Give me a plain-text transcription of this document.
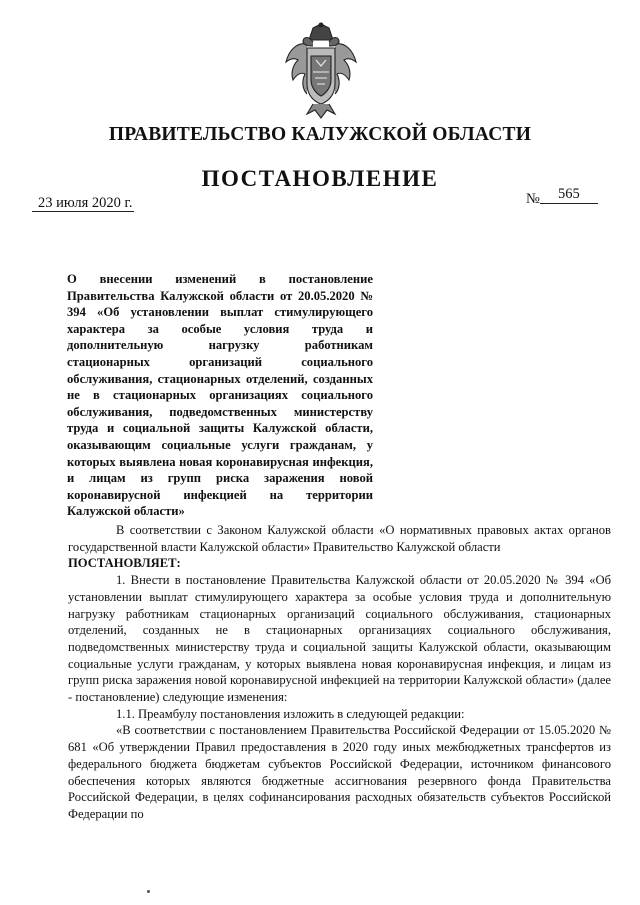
ПРАВИТЕЛЬСТВО КАЛУЖСКОЙ ОБЛАСТИ
ПОСТАНОВЛЕНИЕ
23 июля 2020 г.	№ 565
О внесении изменений в постановление Правительства Калужской области от 20.05.2020 № 394 «Об установлении выплат стимулирующего характера за особые условия труда и дополнительную нагрузку работникам стационарных организаций социального обслуживания, стационарных отделений, созданных не в стационарных организациях социального обслуживания, подведомственных министерству труда и социальной защиты Калужской области, оказывающим социальные услуги гражданам, у которых выявлена новая коронавирусная инфекция, и лицам из групп риска заражения новой коронавирусной инфекцией на территории Калужской области»

В соответствии с Законом Калужской области «О нормативных правовых актах органов государственной власти Калужской области» Правительство Калужской области

ПОСТАНОВЛЯЕТ:

1. Внести в постановление Правительства Калужской области от 20.05.2020 № 394 «Об установлении выплат стимулирующего характера за особые условия труда и дополнительную нагрузку работникам стационарных организаций социального обслуживания, стационарных отделений, созданных не в стационарных организациях социального обслуживания, подведомственных министерству труда и социальной защиты Калужской области, оказывающим социальные услуги гражданам, у которых выявлена новая коронавирусная инфекция, и лицам из групп риска заражения новой коронавирусной инфекцией на территории Калужской области» (далее - постановление) следующие изменения:

1.1. Преамбулу постановления изложить в следующей редакции:

«В соответствии с постановлением Правительства Российской Федерации от 15.05.2020 № 681 «Об утверждении Правил предоставления в 2020 году иных межбюджетных трансфертов из федерального бюджета бюджетам субъектов Российской Федерации, источником финансового обеспечения которых являются бюджетные ассигнования резервного фонда Правительства Российской Федерации, в целях софинансирования расходных обязательств субъектов Российской Федерации по
